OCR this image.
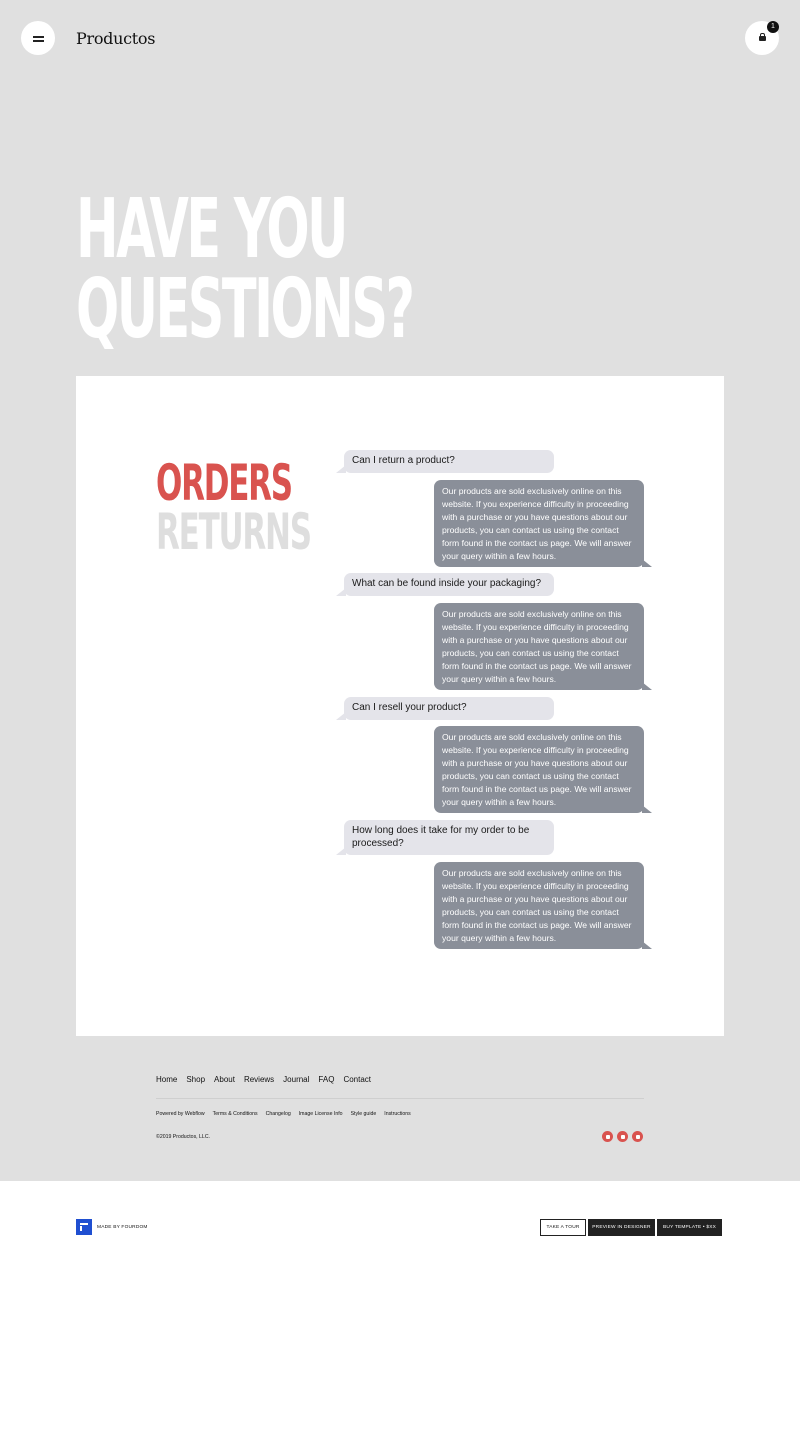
Productos
1
HAVE YOU
QUESTIONS?
ORDERS
RETURNS
Can I return a product?
Our products are sold exclusively online on this website. If you experience difficulty in proceeding with a purchase or you have questions about our products, you can contact us using the contact form found in the contact us page. We will answer your query within a few hours.
What can be found inside your packaging?
Our products are sold exclusively online on this website. If you experience difficulty in proceeding with a purchase or you have questions about our products, you can contact us using the contact form found in the contact us page. We will answer your query within a few hours.
Can I resell your product?
Our products are sold exclusively online on this website. If you experience difficulty in proceeding with a purchase or you have questions about our products, you can contact us using the contact form found in the contact us page. We will answer your query within a few hours.
How long does it take for my order to be processed?
Our products are sold exclusively online on this website. If you experience difficulty in proceeding with a purchase or you have questions about our products, you can contact us using the contact form found in the contact us page. We will answer your query within a few hours.
Home Shop About Reviews Journal FAQ Contact
Powered by Webflow Terms & Conditions Changelog Image License Info Style guide Instructions
©2019 Productos, LLC.
MADE BY FOURDOM	TAKE A TOUR	PREVIEW IN DESIGNER	BUY TEMPLATE • $XX
